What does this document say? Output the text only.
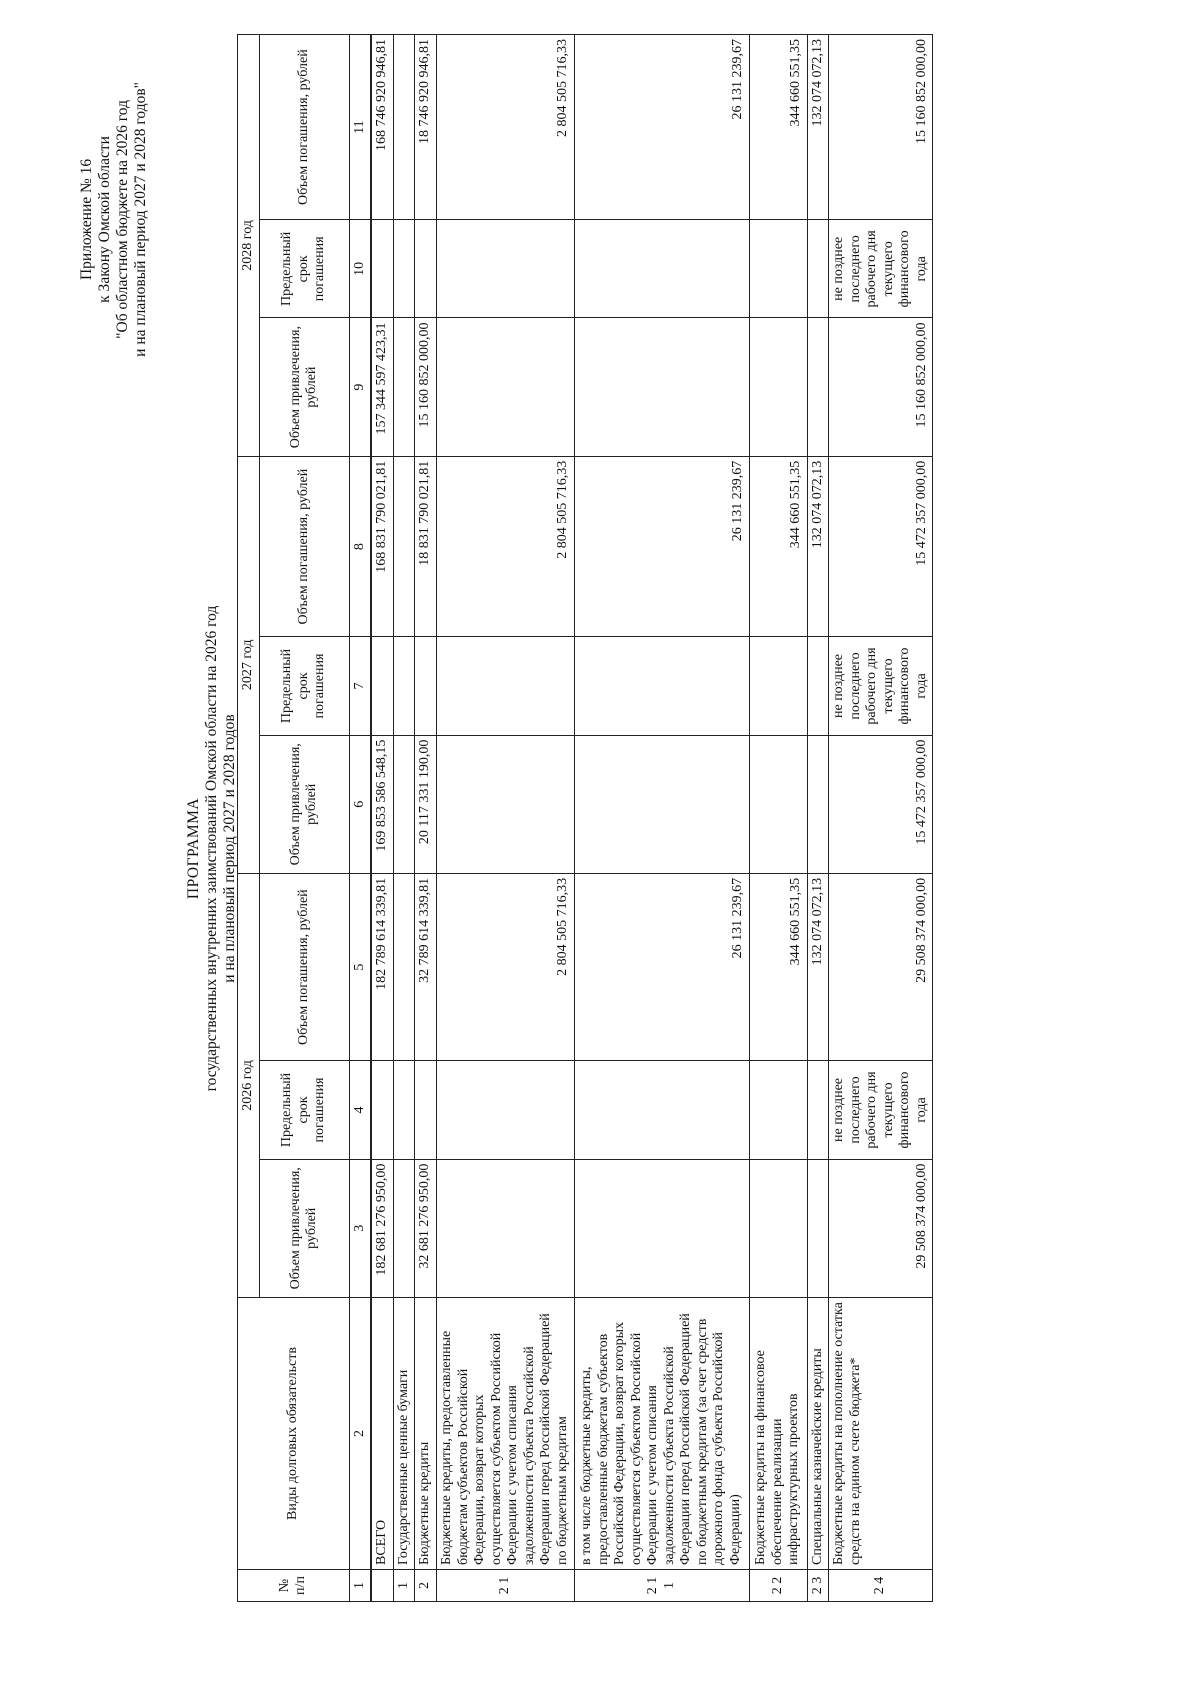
Приложение № 16 к Закону Омской области "Об областном бюджете на 2026 год и на плановый период 2027 и 2028 годов"
ПРОГРАММА государственных внутренних заимствований Омской области на 2026 год и на плановый период 2027 и 2028 годов
№ п/п	Виды долговых обязательств	2026 год			2027 год			2028 год		
		Объем привлечения, рублей	Предельный срок погашения	Объем погашения, рублей	Объем привлечения, рублей	Предельный срок погашения	Объем погашения, рублей	Объем привлечения, рублей	Предельный срок погашения	Объем погашения, рублей
1	2	3	4	5	6	7	8	9	10	11
	ВСЕГО	182 681 276 950,00		182 789 614 339,81	169 853 586 548,15		168 831 790 021,81	157 344 597 423,31		168 746 920 946,81
1	Государственные ценные бумаги									
2	Бюджетные кредиты	32 681 276 950,00		32 789 614 339,81	20 117 331 190,00		18 831 790 021,81	15 160 852 000,00		18 746 920 946,81
2 1	Бюджетные кредиты, предоставленные бюджетам субъектов Российской Федерации, возврат которых осуществляется субъектом Российской Федерации с учетом списания задолженности субъекта Российской Федерации перед Российской Федерацией по бюджетным кредитам			2 804 505 716,33			2 804 505 716,33			2 804 505 716,33
2 1 1	в том числе бюджетные кредиты, предоставленные бюджетам субъектов Российской Федерации, возврат которых осуществляется субъектом Российской Федерации с учетом списания задолженности субъекта Российской Федерации перед Российской Федерацией по бюджетным кредитам (за счет средств дорожного фонда субъекта Российской Федерации)			26 131 239,67			26 131 239,67			26 131 239,67
2 2	Бюджетные кредиты на финансовое обеспечение реализации инфраструктурных проектов			344 660 551,35			344 660 551,35			344 660 551,35
2 3	Специальные казначейские кредиты			132 074 072,13			132 074 072,13			132 074 072,13
2 4	Бюджетные кредиты на пополнение остатка средств на едином счете бюджета*	29 508 374 000,00	не позднее последнего рабочего дня текущего финансового года	29 508 374 000,00	15 472 357 000,00	не позднее последнего рабочего дня текущего финансового года	15 472 357 000,00	15 160 852 000,00	не позднее последнего рабочего дня текущего финансового года	15 160 852 000,00
